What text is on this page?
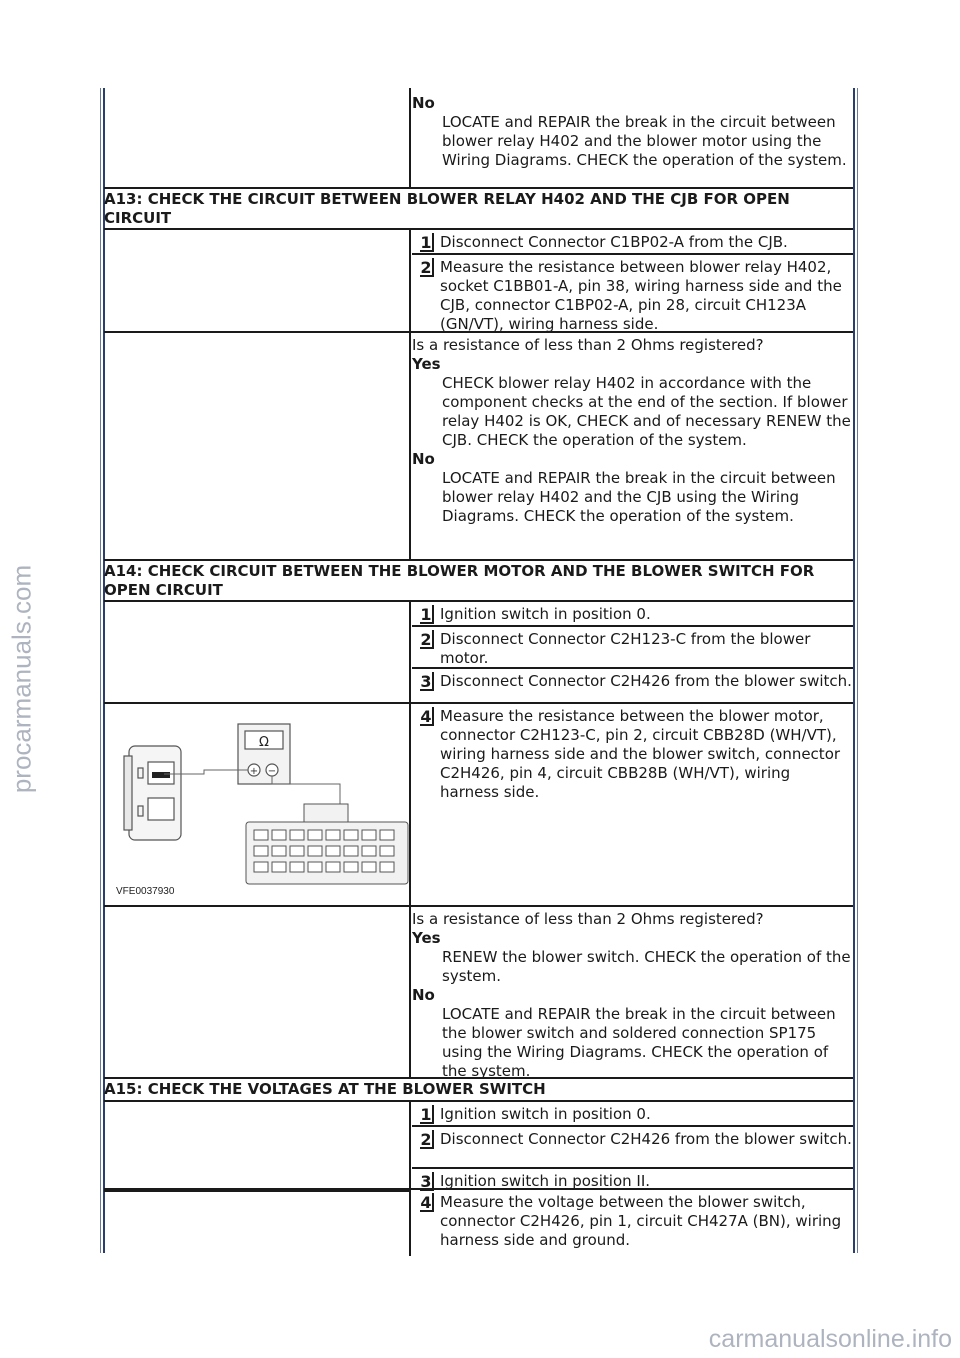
procarmanuals.com
carmanualsonline.info
No
LOCATE and REPAIR the break in the circuit between blower relay H402 and the blower motor using the Wiring Diagrams. CHECK the operation of the system.
A13: CHECK THE CIRCUIT BETWEEN BLOWER RELAY H402 AND THE CJB FOR OPEN CIRCUIT
1 Disconnect Connector C1BP02-A from the CJB.
2 Measure the resistance between blower relay H402, socket C1BB01-A, pin 38, wiring harness side and the CJB, connector C1BP02-A, pin 28, circuit CH123A (GN/VT), wiring harness side.
Is a resistance of less than 2 Ohms registered?
Yes
CHECK blower relay H402 in accordance with the component checks at the end of the section. If blower relay H402 is OK, CHECK and of necessary RENEW the CJB. CHECK the operation of the system.
No
LOCATE and REPAIR the break in the circuit between blower relay H402 and the CJB using the Wiring Diagrams. CHECK the operation of the system.
A14: CHECK CIRCUIT BETWEEN THE BLOWER MOTOR AND THE BLOWER SWITCH FOR OPEN CIRCUIT
1 Ignition switch in position 0.
2 Disconnect Connector C2H123-C from the blower motor.
3 Disconnect Connector C2H426 from the blower switch.
+ −
Ω
VFE0037930
4 Measure the resistance between the blower motor, connector C2H123-C, pin 2, circuit CBB28D (WH/VT), wiring harness side and the blower switch, connector C2H426, pin 4, circuit CBB28B (WH/VT), wiring harness side.
Is a resistance of less than 2 Ohms registered?
Yes
RENEW the blower switch. CHECK the operation of the system.
No
LOCATE and REPAIR the break in the circuit between the blower switch and soldered connection SP175 using the Wiring Diagrams. CHECK the operation of the system.
A15: CHECK THE VOLTAGES AT THE BLOWER SWITCH
1 Ignition switch in position 0.
2 Disconnect Connector C2H426 from the blower switch.
3 Ignition switch in position II.
4 Measure the voltage between the blower switch, connector C2H426, pin 1, circuit CH427A (BN), wiring harness side and ground.
